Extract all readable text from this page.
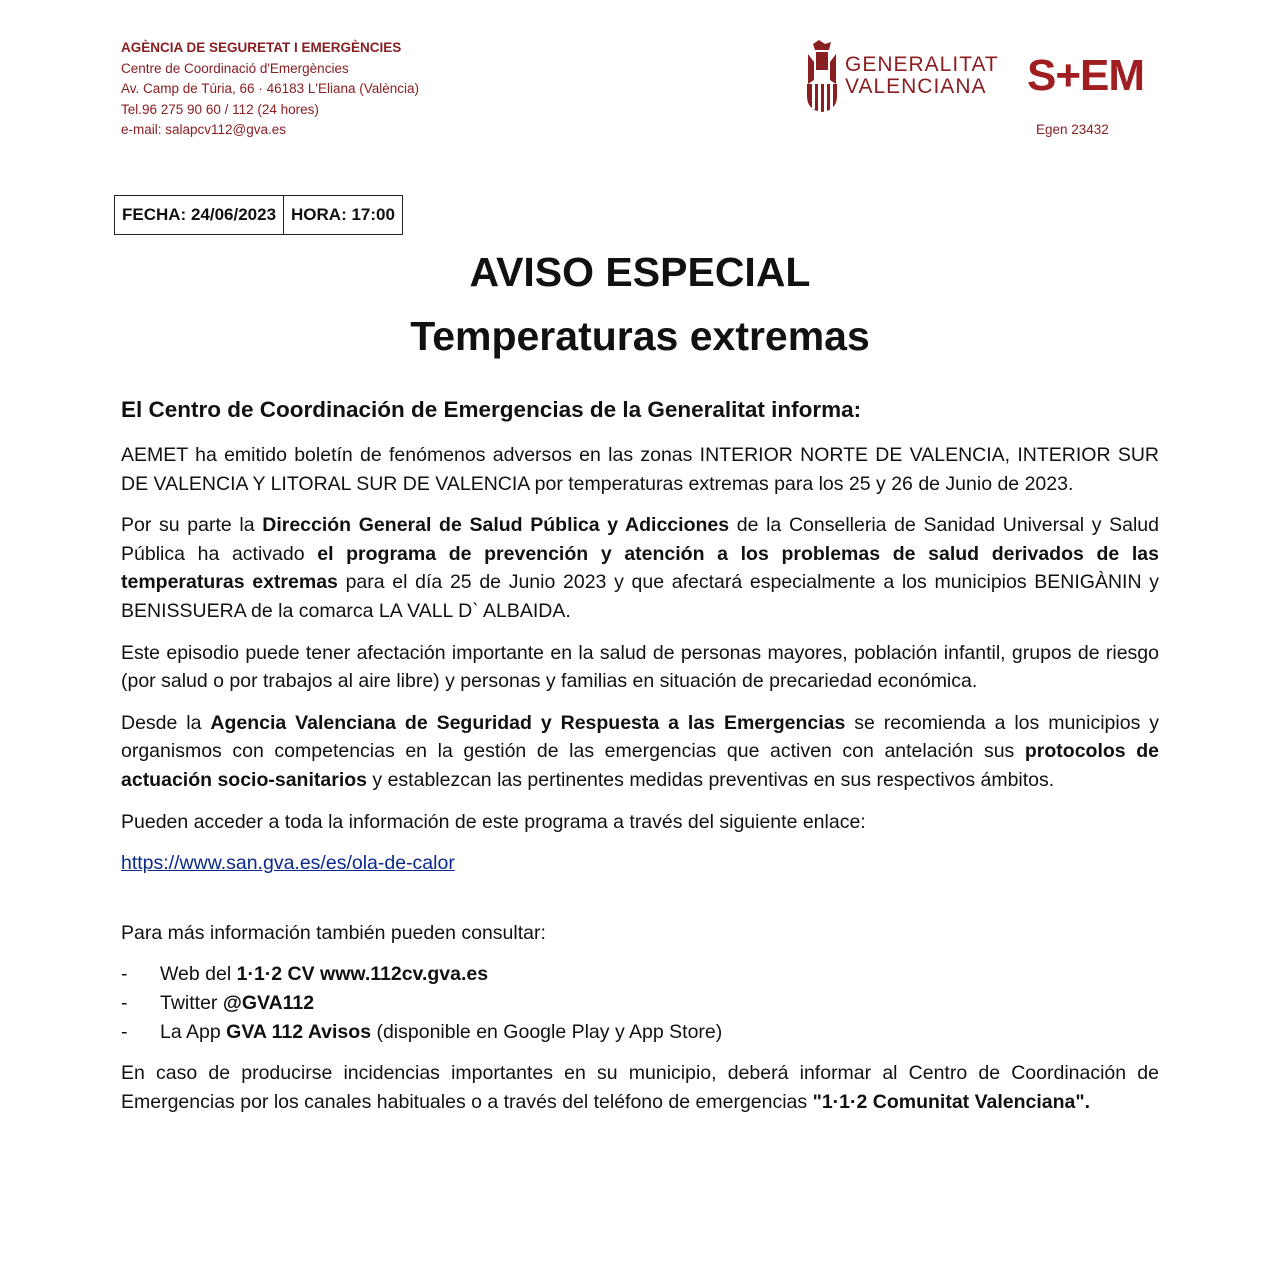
AGÈNCIA DE SEGURETAT I EMERGÈNCIES
Centre de Coordinació d'Emergències
Av. Camp de Túria, 66 · 46183 L'Eliana (València)
Tel.96 275 90 60 / 112 (24 hores)
e-mail: salapcv112@gva.es
GENERALITAT
VALENCIANA S+EM
Egen 23432
FECHA: 24/06/2023 HORA: 17:00
AVISO ESPECIAL
Temperaturas extremas
El Centro de Coordinación de Emergencias de la Generalitat informa:

AEMET ha emitido boletín de fenómenos adversos en las zonas INTERIOR NORTE DE VALENCIA, INTERIOR SUR DE VALENCIA Y LITORAL SUR DE VALENCIA por temperaturas extremas para los 25 y 26 de Junio de 2023.

Por su parte la Dirección General de Salud Pública y Adicciones de la Conselleria de Sanidad Universal y Salud Pública ha activado el programa de prevención y atención a los problemas de salud derivados de las temperaturas extremas para el día 25 de Junio 2023 y que afectará especialmente a los municipios BENIGÀNIN y BENISSUERA de la comarca LA VALL D` ALBAIDA.

Este episodio puede tener afectación importante en la salud de personas mayores, población infantil, grupos de riesgo (por salud o por trabajos al aire libre) y personas y familias en situación de precariedad económica.

Desde la Agencia Valenciana de Seguridad y Respuesta a las Emergencias se recomienda a los municipios y organismos con competencias en la gestión de las emergencias que activen con antelación sus protocolos de actuación socio-sanitarios y establezcan las pertinentes medidas preventivas en sus respectivos ámbitos.

Pueden acceder a toda la información de este programa a través del siguiente enlace:

https://www.san.gva.es/es/ola-de-calor

Para más información también pueden consultar:

- Web del 1·1·2 CV www.112cv.gva.es
- Twitter @GVA112
- La App GVA 112 Avisos (disponible en Google Play y App Store)

En caso de producirse incidencias importantes en su municipio, deberá informar al Centro de Coordinación de Emergencias por los canales habituales o a través del teléfono de emergencias "1·1·2 Comunitat Valenciana".
